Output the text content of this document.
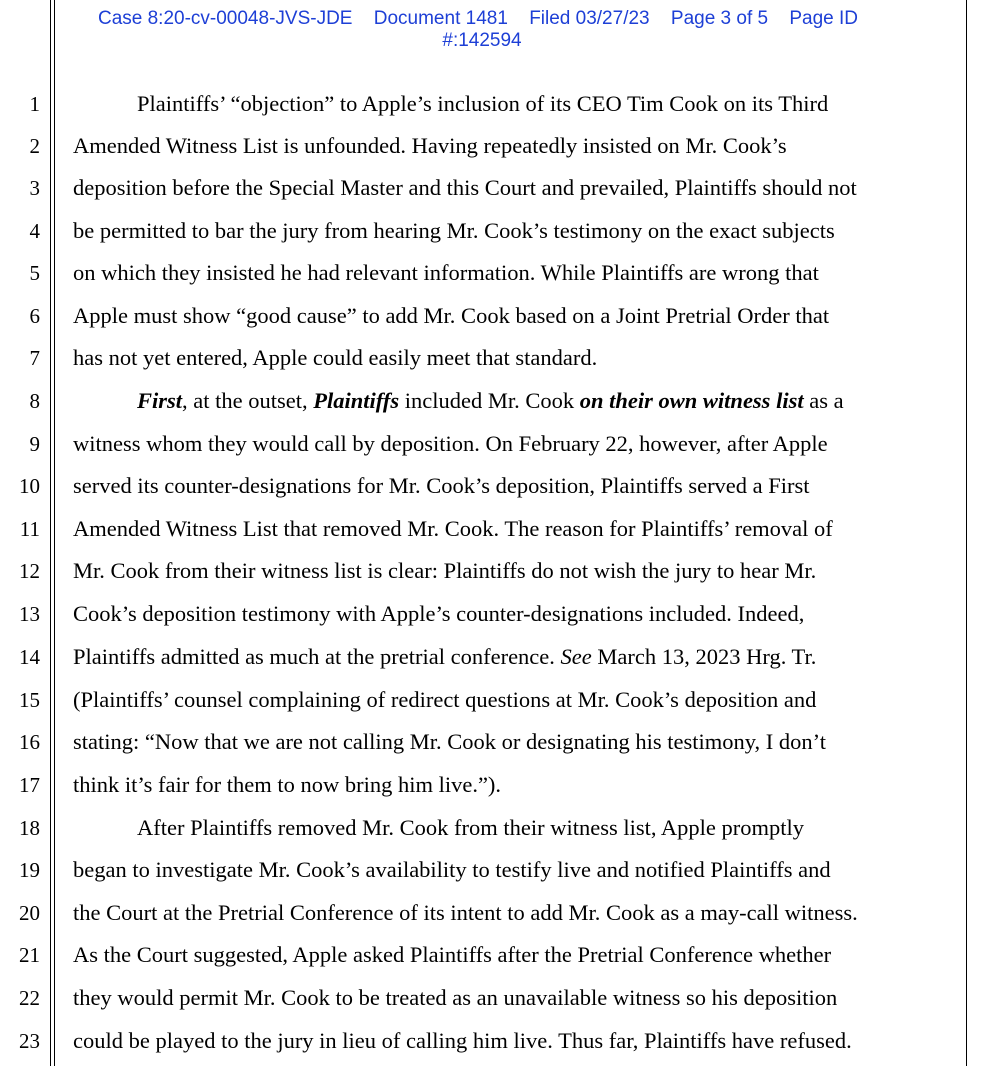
Case 8:20-cv-00048-JVS-JDE Document 1481 Filed 03/27/23 Page 3 of 5 Page ID
#:142594
1
2
3
4
5
6
7
8
9
10
11
12
13
14
15
16
17
18
19
20
21
22
23
Plaintiffs’ “objection” to Apple’s inclusion of its CEO Tim Cook on its Third
Amended Witness List is unfounded. Having repeatedly insisted on Mr. Cook’s
deposition before the Special Master and this Court and prevailed, Plaintiffs should not
be permitted to bar the jury from hearing Mr. Cook’s testimony on the exact subjects
on which they insisted he had relevant information. While Plaintiffs are wrong that
Apple must show “good cause” to add Mr. Cook based on a Joint Pretrial Order that
has not yet entered, Apple could easily meet that standard.
First, at the outset, Plaintiffs included Mr. Cook on their own witness list as a
witness whom they would call by deposition. On February 22, however, after Apple
served its counter-designations for Mr. Cook’s deposition, Plaintiffs served a First
Amended Witness List that removed Mr. Cook. The reason for Plaintiffs’ removal of
Mr. Cook from their witness list is clear: Plaintiffs do not wish the jury to hear Mr.
Cook’s deposition testimony with Apple’s counter-designations included. Indeed,
Plaintiffs admitted as much at the pretrial conference. See March 13, 2023 Hrg. Tr.
(Plaintiffs’ counsel complaining of redirect questions at Mr. Cook’s deposition and
stating: “Now that we are not calling Mr. Cook or designating his testimony, I don’t
think it’s fair for them to now bring him live.”).
After Plaintiffs removed Mr. Cook from their witness list, Apple promptly
began to investigate Mr. Cook’s availability to testify live and notified Plaintiffs and
the Court at the Pretrial Conference of its intent to add Mr. Cook as a may-call witness.
As the Court suggested, Apple asked Plaintiffs after the Pretrial Conference whether
they would permit Mr. Cook to be treated as an unavailable witness so his deposition
could be played to the jury in lieu of calling him live. Thus far, Plaintiffs have refused.
